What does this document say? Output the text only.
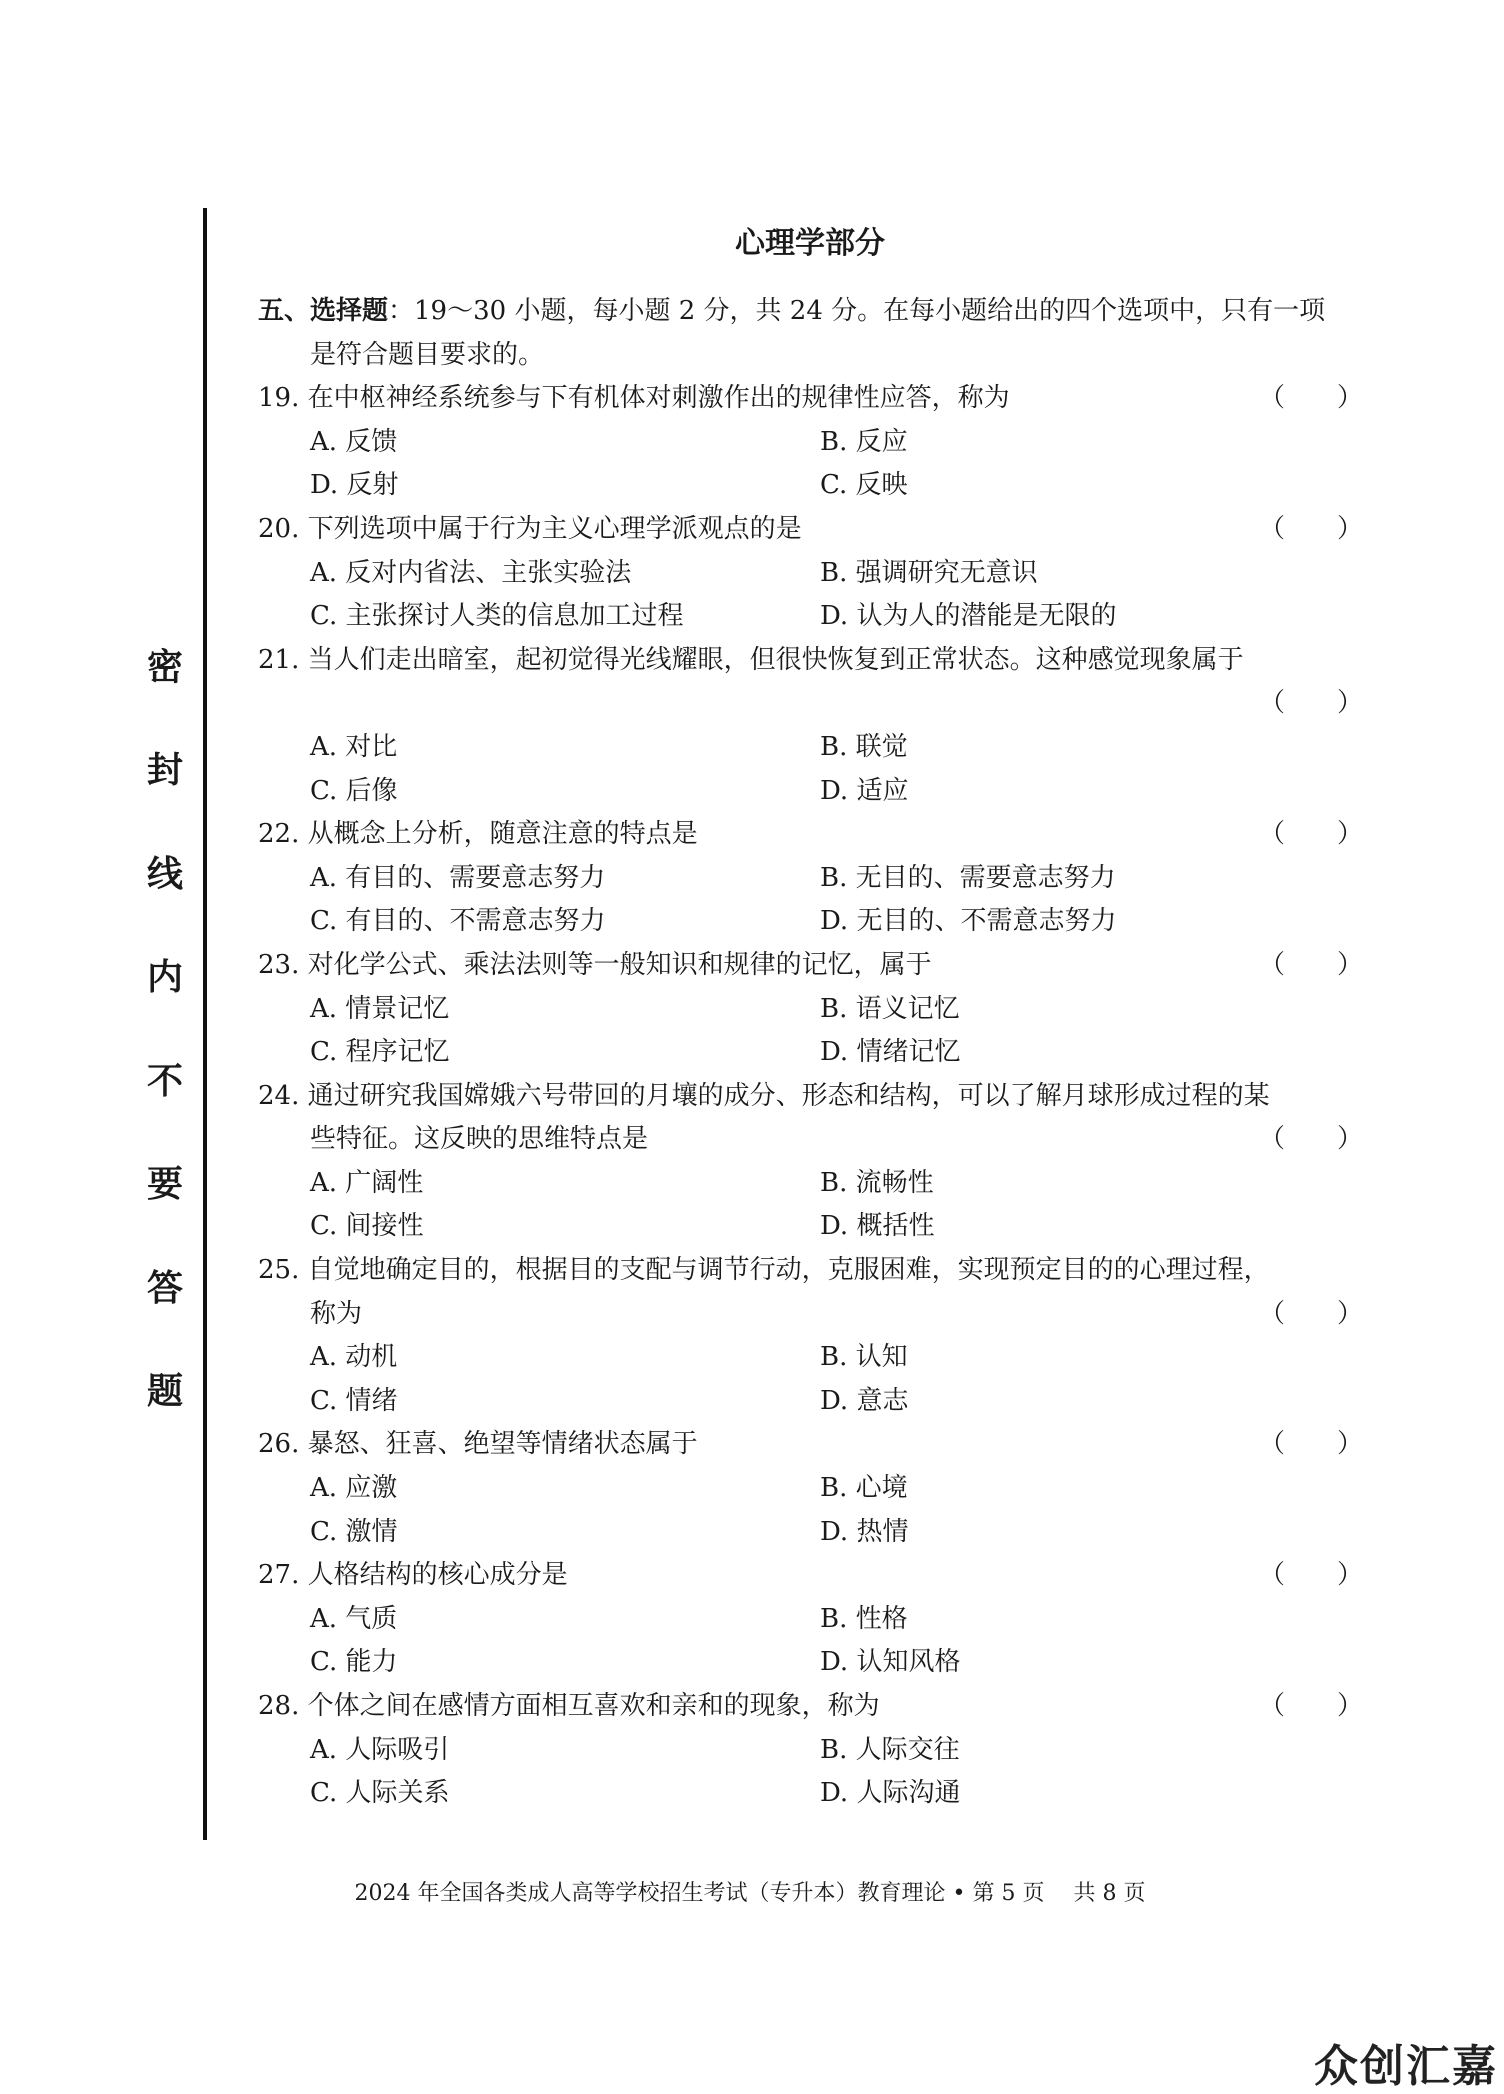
密
封
线
内
不
要
答
题
心理学部分
五、选择题：19～30 小题，每小题 2 分，共 24 分。在每小题给出的四个选项中，只有一项
是符合题目要求的。
19. 在中枢神经系统参与下有机体对刺激作出的规律性应答，称为	（　　）
A. 反馈	B. 反应
D. 反射	C. 反映
20. 下列选项中属于行为主义心理学派观点的是	（　　）
A. 反对内省法、主张实验法	B. 强调研究无意识
C. 主张探讨人类的信息加工过程	D. 认为人的潜能是无限的
21. 当人们走出暗室，起初觉得光线耀眼，但很快恢复到正常状态。这种感觉现象属于
（　　）
A. 对比	B. 联觉
C. 后像	D. 适应
22. 从概念上分析，随意注意的特点是	（　　）
A. 有目的、需要意志努力	B. 无目的、需要意志努力
C. 有目的、不需意志努力	D. 无目的、不需意志努力
23. 对化学公式、乘法法则等一般知识和规律的记忆，属于	（　　）
A. 情景记忆	B. 语义记忆
C. 程序记忆	D. 情绪记忆
24. 通过研究我国嫦娥六号带回的月壤的成分、形态和结构，可以了解月球形成过程的某
些特征。这反映的思维特点是	（　　）
A. 广阔性	B. 流畅性
C. 间接性	D. 概括性
25. 自觉地确定目的，根据目的支配与调节行动，克服困难，实现预定目的的心理过程，
称为	（　　）
A. 动机	B. 认知
C. 情绪	D. 意志
26. 暴怒、狂喜、绝望等情绪状态属于	（　　）
A. 应激	B. 心境
C. 激情	D. 热情
27. 人格结构的核心成分是	（　　）
A. 气质	B. 性格
C. 能力	D. 认知风格
28. 个体之间在感情方面相互喜欢和亲和的现象，称为	（　　）
A. 人际吸引	B. 人际交往
C. 人际关系	D. 人际沟通
2024 年全国各类成人高等学校招生考试（专升本）教育理论 • 第 5 页　 共 8 页
众创汇嘉
